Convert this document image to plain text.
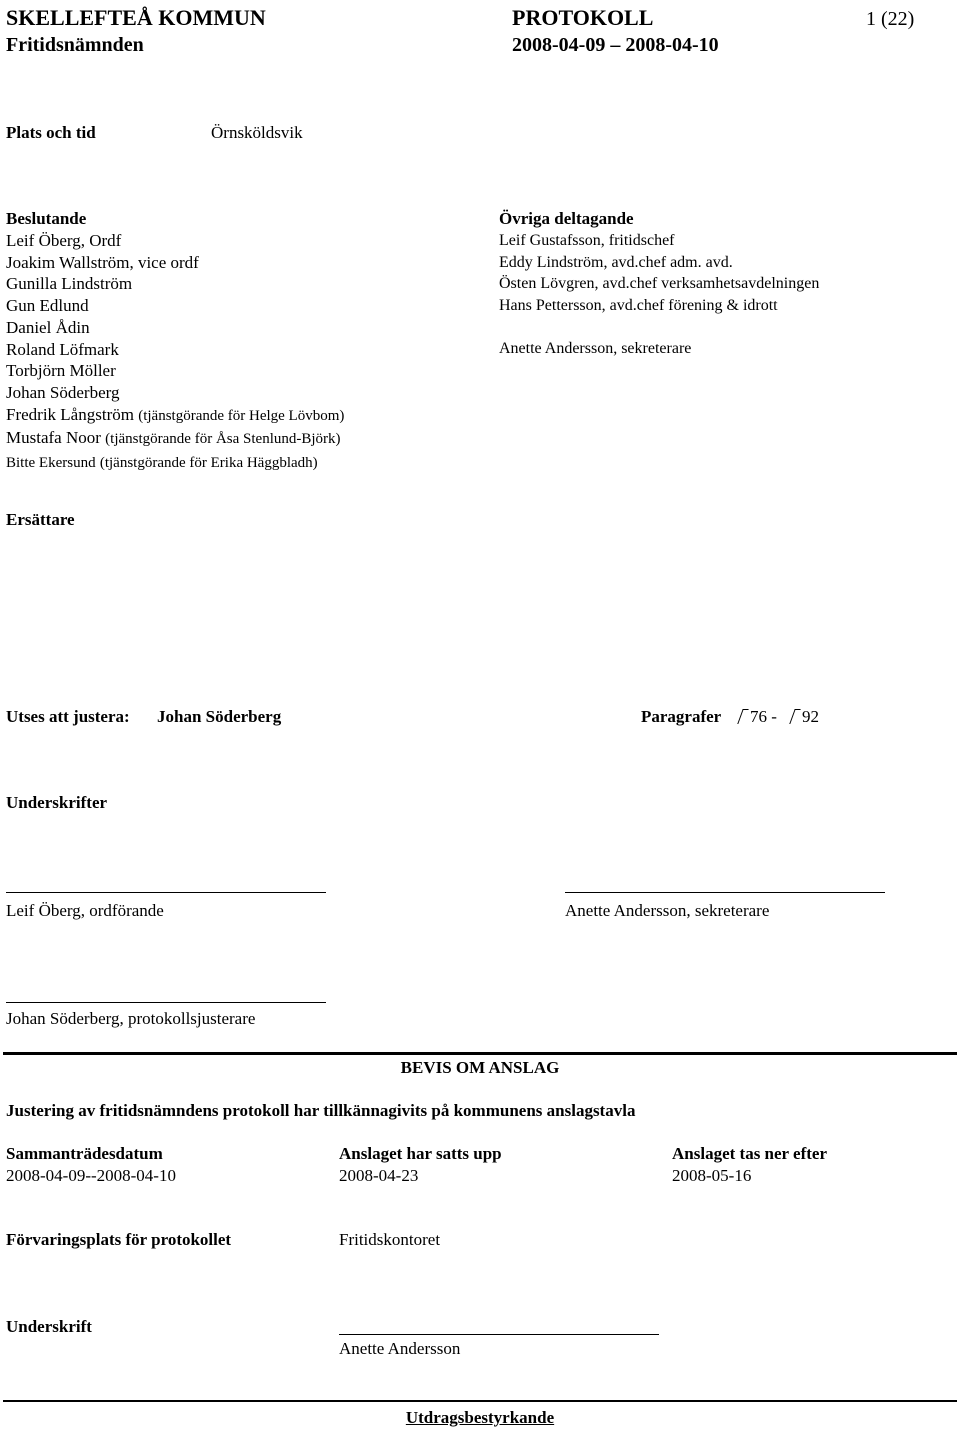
SKELLEFTEÅ KOMMUN	PROTOKOLL	1 (22)
Fritidsnämnden	2008-04-09 – 2008-04-10
Plats och tid	Örnsköldsvik
Beslutande
Leif Öberg, Ordf
Joakim Wallström, vice ordf
Gunilla Lindström
Gun Edlund
Daniel Ådin
Roland Löfmark
Torbjörn Möller
Johan Söderberg
Fredrik Långström (tjänstgörande för Helge Lövbom)
Mustafa Noor (tjänstgörande för Åsa Stenlund-Björk)
Bitte Ekersund (tjänstgörande för Erika Häggbladh)
Övriga deltagande
Leif Gustafsson, fritidschef
Eddy Lindström, avd.chef adm. avd.
Östen Lövgren, avd.chef verksamhetsavdelningen
Hans Pettersson, avd.chef förening & idrott
Anette Andersson, sekreterare
Ersättare
Utses att justera: Johan Söderberg	Paragrafer	76 -	92
Underskrifter
Leif Öberg, ordförande	Anette Andersson, sekreterare
Johan Söderberg, protokollsjusterare
BEVIS OM ANSLAG
Justering av fritidsnämndens protokoll har tillkännagivits på kommunens anslagstavla
Sammanträdesdatum
2008-04-09--2008-04-10
Anslaget har satts upp
2008-04-23
Anslaget tas ner efter
2008-05-16
Förvaringsplats för protokollet	Fritidskontoret
Underskrift
Anette Andersson
Utdragsbestyrkande
